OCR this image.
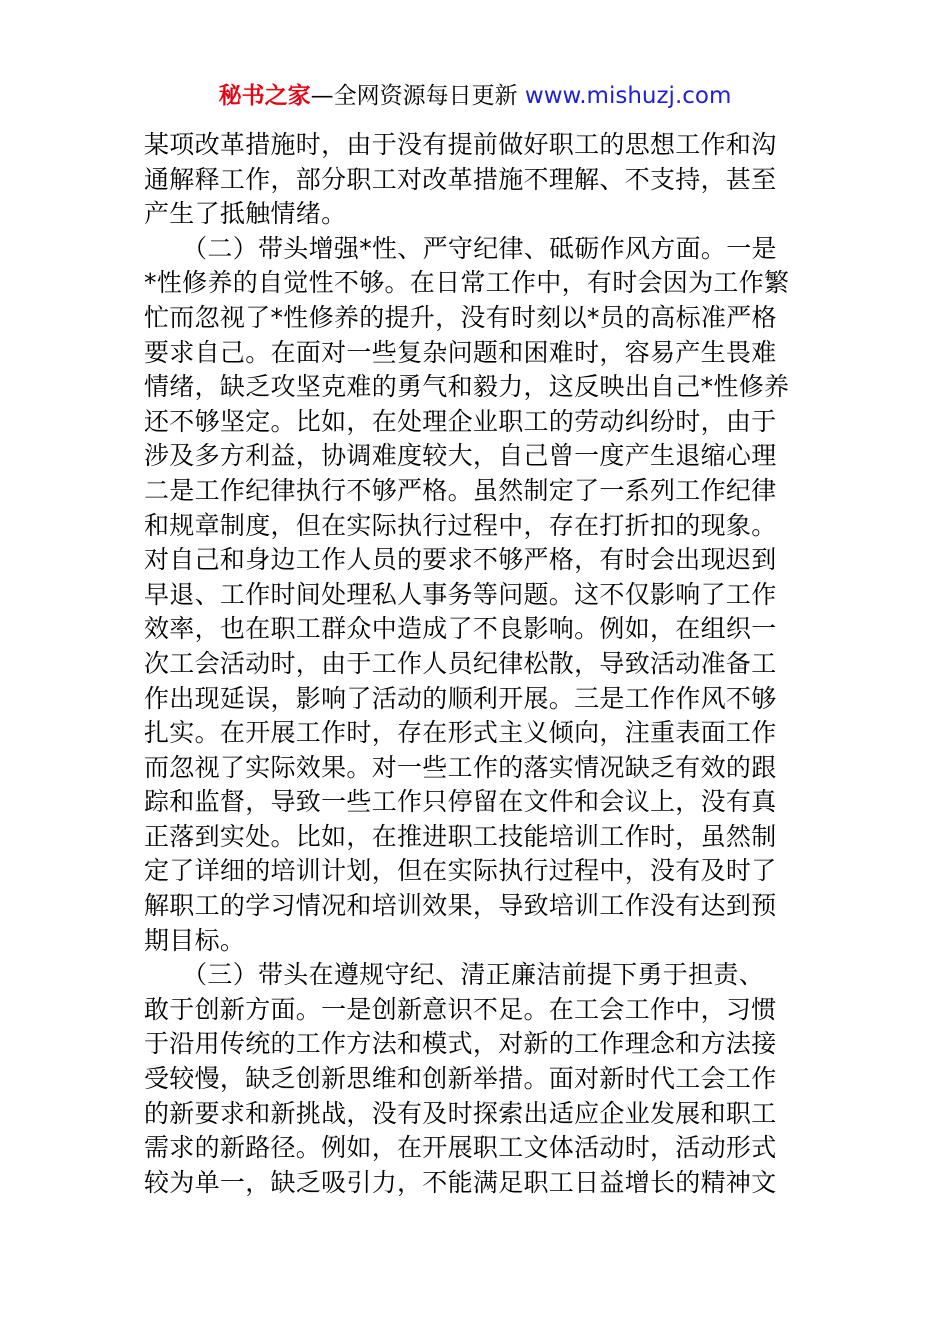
秘书之家—全网资源每日更新 www.mishuzj.com
某项改革措施时，由于没有提前做好职工的思想工作和沟
通解释工作，部分职工对改革措施不理解、不支持，甚至
产生了抵触情绪。
　　（二）带头增强*性、严守纪律、砥砺作风方面。一是
*性修养的自觉性不够。在日常工作中，有时会因为工作繁
忙而忽视了*性修养的提升，没有时刻以*员的高标准严格
要求自己。在面对一些复杂问题和困难时，容易产生畏难
情绪，缺乏攻坚克难的勇气和毅力，这反映出自己*性修养
还不够坚定。比如，在处理企业职工的劳动纠纷时，由于
涉及多方利益，协调难度较大，自己曾一度产生退缩心理
二是工作纪律执行不够严格。虽然制定了一系列工作纪律
和规章制度，但在实际执行过程中，存在打折扣的现象。
对自己和身边工作人员的要求不够严格，有时会出现迟到
早退、工作时间处理私人事务等问题。这不仅影响了工作
效率，也在职工群众中造成了不良影响。例如，在组织一
次工会活动时，由于工作人员纪律松散，导致活动准备工
作出现延误，影响了活动的顺利开展。三是工作作风不够
扎实。在开展工作时，存在形式主义倾向，注重表面工作
而忽视了实际效果。对一些工作的落实情况缺乏有效的跟
踪和监督，导致一些工作只停留在文件和会议上，没有真
正落到实处。比如，在推进职工技能培训工作时，虽然制
定了详细的培训计划，但在实际执行过程中，没有及时了
解职工的学习情况和培训效果，导致培训工作没有达到预
期目标。
　　（三）带头在遵规守纪、清正廉洁前提下勇于担责、
敢于创新方面。一是创新意识不足。在工会工作中，习惯
于沿用传统的工作方法和模式，对新的工作理念和方法接
受较慢，缺乏创新思维和创新举措。面对新时代工会工作
的新要求和新挑战，没有及时探索出适应企业发展和职工
需求的新路径。例如，在开展职工文体活动时，活动形式
较为单一，缺乏吸引力，不能满足职工日益增长的精神文
